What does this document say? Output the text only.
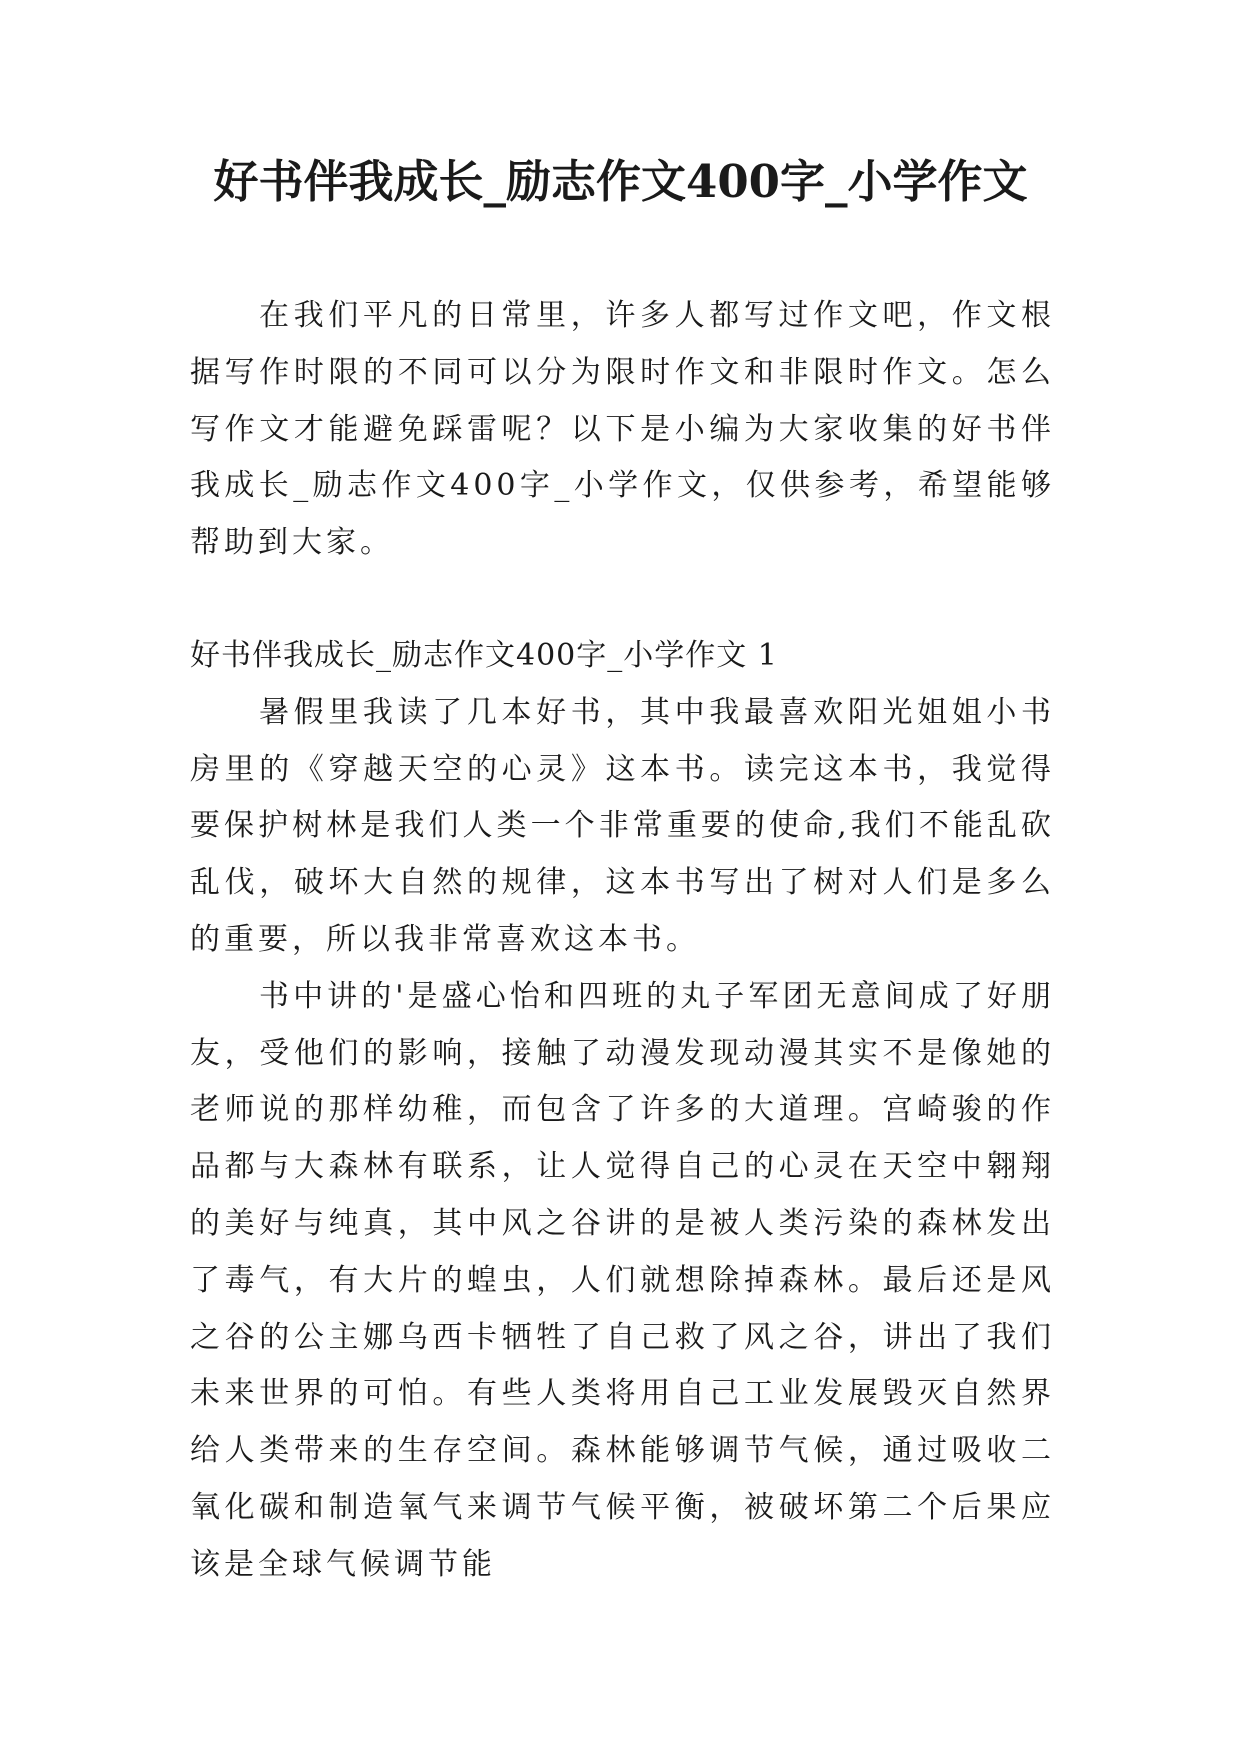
好书伴我成长_励志作文400字_小学作文

在我们平凡的日常里，许多人都写过作文吧，作文根据写作时限的不同可以分为限时作文和非限时作文。怎么写作文才能避免踩雷呢？以下是小编为大家收集的好书伴我成长_励志作文400字_小学作文，仅供参考，希望能够帮助到大家。

好书伴我成长_励志作文400字_小学作文 1

暑假里我读了几本好书，其中我最喜欢阳光姐姐小书房里的《穿越天空的心灵》这本书。读完这本书，我觉得要保护树林是我们人类一个非常重要的使命,我们不能乱砍乱伐，破坏大自然的规律，这本书写出了树对人们是多么的重要，所以我非常喜欢这本书。

书中讲的'是盛心怡和四班的丸子军团无意间成了好朋友，受他们的影响，接触了动漫发现动漫其实不是像她的老师说的那样幼稚，而包含了许多的大道理。宫崎骏的作品都与大森林有联系，让人觉得自己的心灵在天空中翱翔的美好与纯真，其中风之谷讲的是被人类污染的森林发出了毒气，有大片的蝗虫，人们就想除掉森林。最后还是风之谷的公主娜乌西卡牺牲了自己救了风之谷，讲出了我们未来世界的可怕。有些人类将用自己工业发展毁灭自然界给人类带来的生存空间。森林能够调节气候，通过吸收二氧化碳和制造氧气来调节气候平衡，被破坏第二个后果应该是全球气候调节能
